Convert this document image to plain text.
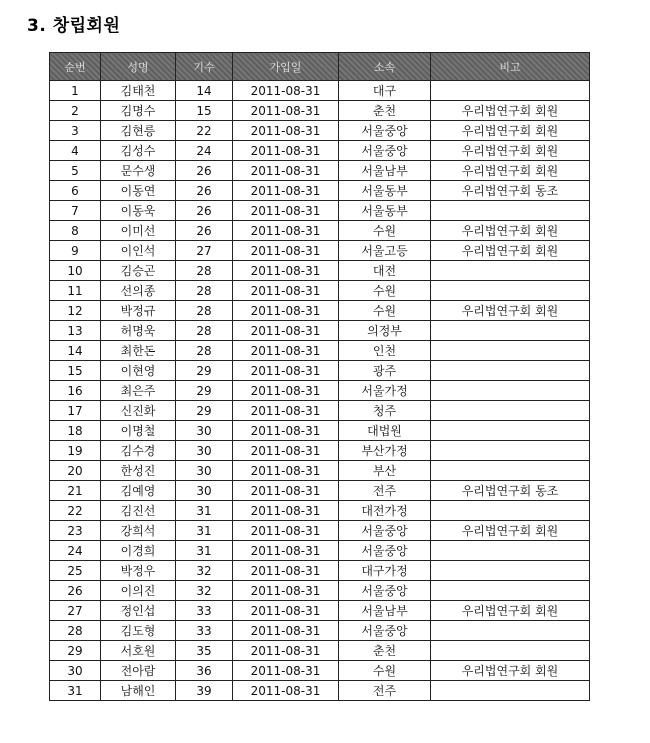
3. 창립회원
순번	성명	기수	가입일	소속	비고
1	김태천	14	2011-08-31	대구	
2	김명수	15	2011-08-31	춘천	우리법연구회 회원
3	김현릉	22	2011-08-31	서울중앙	우리법연구회 회원
4	김성수	24	2011-08-31	서울중앙	우리법연구회 회원
5	문수생	26	2011-08-31	서울남부	우리법연구회 회원
6	이동연	26	2011-08-31	서울동부	우리법연구회 동조
7	이동욱	26	2011-08-31	서울동부	
8	이미선	26	2011-08-31	수원	우리법연구회 회원
9	이인석	27	2011-08-31	서울고등	우리법연구회 회원
10	김승곤	28	2011-08-31	대전	
11	선의종	28	2011-08-31	수원	
12	박정규	28	2011-08-31	수원	우리법연구회 회원
13	허명욱	28	2011-08-31	의정부	
14	최한돈	28	2011-08-31	인천	
15	이현영	29	2011-08-31	광주	
16	최은주	29	2011-08-31	서울가정	
17	신진화	29	2011-08-31	청주	
18	이명철	30	2011-08-31	대법원	
19	김수경	30	2011-08-31	부산가정	
20	한성진	30	2011-08-31	부산	
21	김예영	30	2011-08-31	전주	우리법연구회 동조
22	김진선	31	2011-08-31	대전가정	
23	강희석	31	2011-08-31	서울중앙	우리법연구회 회원
24	이경희	31	2011-08-31	서울중앙	
25	박정우	32	2011-08-31	대구가정	
26	이의진	32	2011-08-31	서울중앙	
27	정인섭	33	2011-08-31	서울남부	우리법연구회 회원
28	김도형	33	2011-08-31	서울중앙	
29	서호원	35	2011-08-31	춘천	
30	전아람	36	2011-08-31	수원	우리법연구회 회원
31	남해인	39	2011-08-31	전주	
